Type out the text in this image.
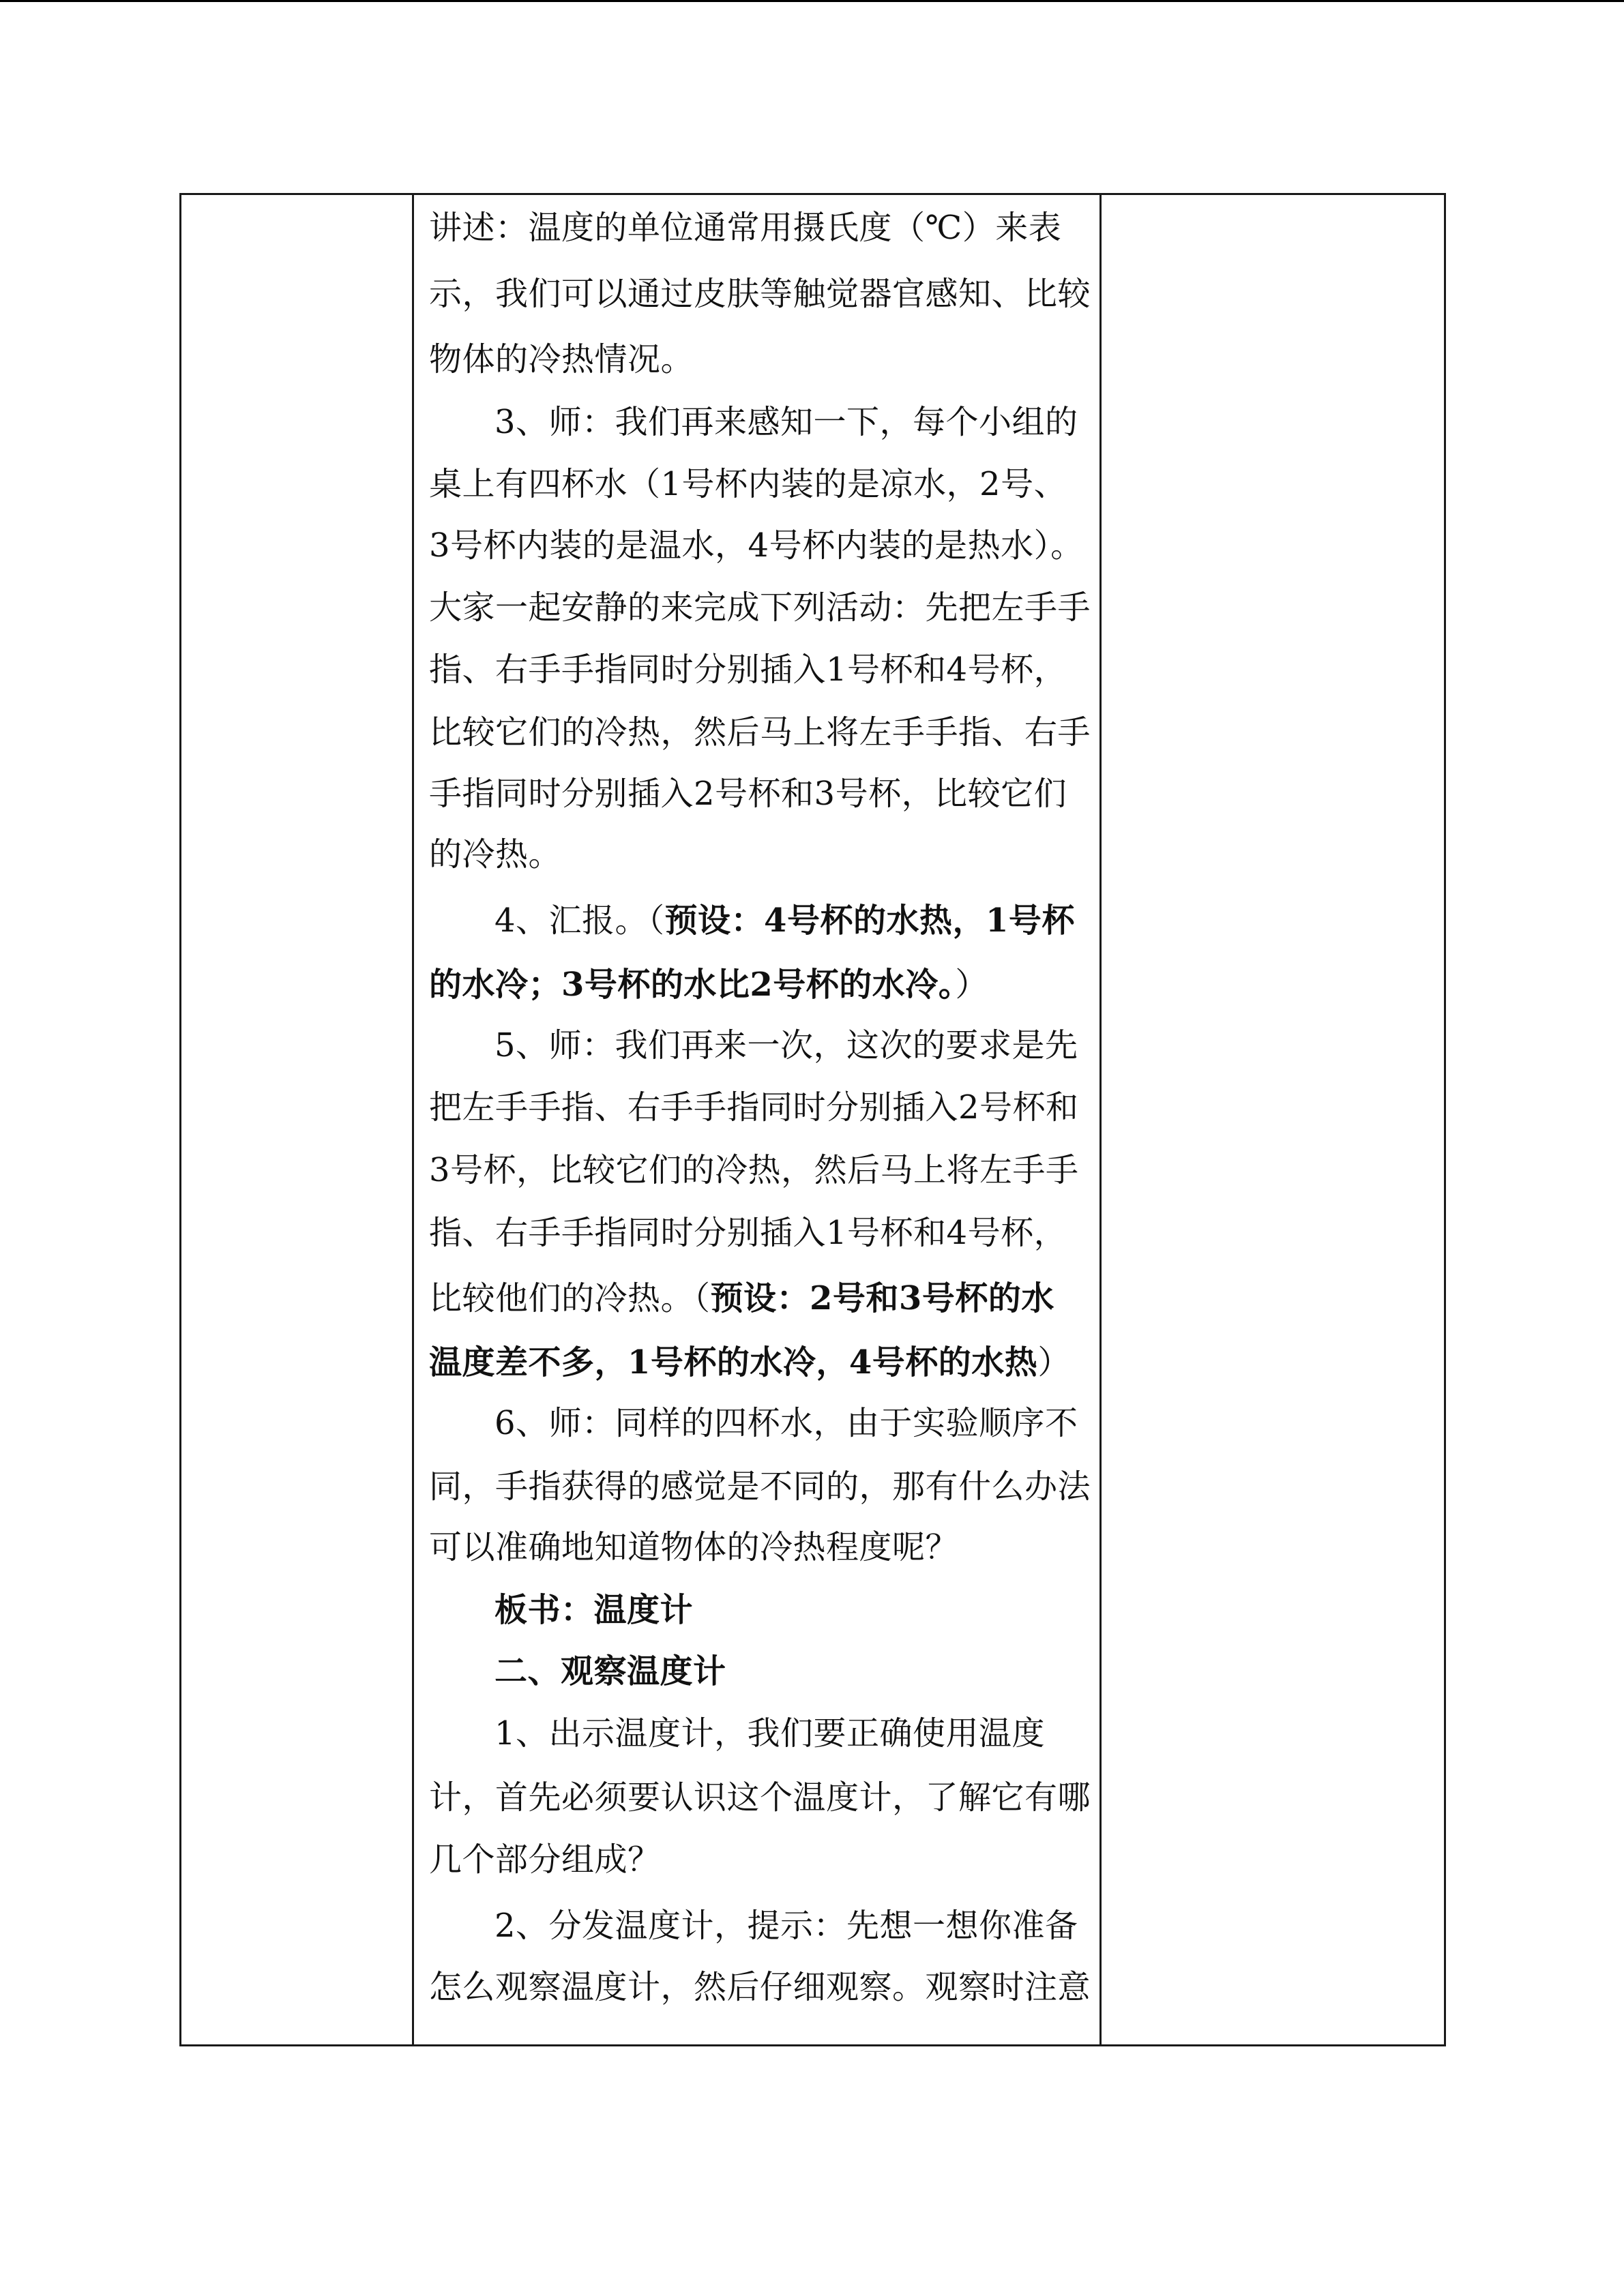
讲述：温度的单位通常用摄氏度（℃）来表
示，我们可以通过皮肤等触觉器官感知、比较
物体的冷热情况。
3、师：我们再来感知一下，每个小组的
桌上有四杯水（1号杯内装的是凉水，2号、
3号杯内装的是温水，4号杯内装的是热水）。
大家一起安静的来完成下列活动：先把左手手
指、右手手指同时分别插入1号杯和4号杯，
比较它们的冷热，然后马上将左手手指、右手
手指同时分别插入2号杯和3号杯，比较它们
的冷热。
4、汇报。（预设：4号杯的水热，1号杯
的水冷；3号杯的水比2号杯的水冷。）
5、师：我们再来一次，这次的要求是先
把左手手指、右手手指同时分别插入2号杯和
3号杯，比较它们的冷热，然后马上将左手手
指、右手手指同时分别插入1号杯和4号杯，
比较他们的冷热。（预设：2号和3号杯的水
温度差不多，1号杯的水冷，4号杯的水热）
6、师：同样的四杯水，由于实验顺序不
同，手指获得的感觉是不同的，那有什么办法
可以准确地知道物体的冷热程度呢？
板书：温度计
二、观察温度计
1、出示温度计，我们要正确使用温度
计，首先必须要认识这个温度计，了解它有哪
几个部分组成？
2、分发温度计，提示：先想一想你准备
怎么观察温度计，然后仔细观察。观察时注意
